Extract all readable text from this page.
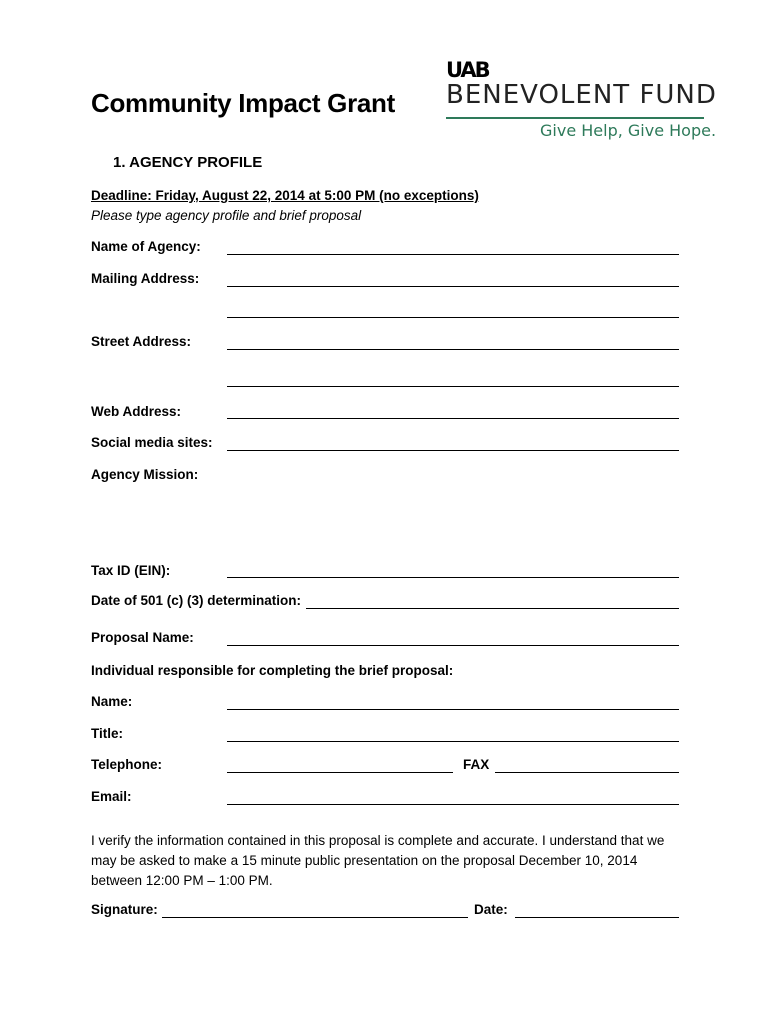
Community Impact Grant
UAB
BENEVOLENT FUND
Give Help, Give Hope.
1. AGENCY PROFILE
Deadline: Friday, August 22, 2014 at 5:00 PM (no exceptions)
Please type agency profile and brief proposal
Name of Agency:
Mailing Address:
Street Address:
Web Address:
Social media sites:
Agency Mission:
Tax ID (EIN):
Date of 501 (c) (3) determination:
Proposal Name:
Individual responsible for completing the brief proposal:
Name:
Title:
Telephone:	FAX
Email:
I verify the information contained in this proposal is complete and accurate. I understand that we may be asked to make a 15 minute public presentation on the proposal December 10, 2014 between 12:00 PM – 1:00 PM.
Signature:	Date:
